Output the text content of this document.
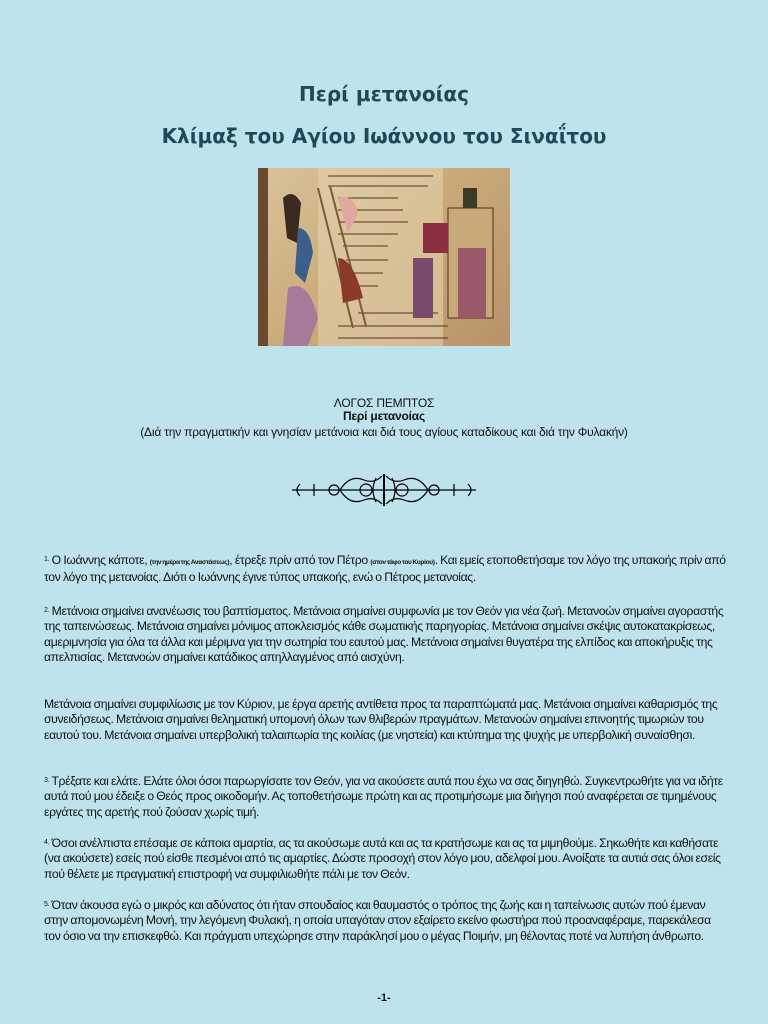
Περί μετανοίας
Κλίμαξ του Αγίου Ιωάννου του Σιναΐτου
ΛΟΓΟΣ ΠΕΜΠΤΟΣ
Περί μετανοίας
(Διά την πραγματικήν και γνησίαν μετάνοια και διά τους αγίους καταδίκους και διά την Φυλακήν)
$^{1.}$ Ο Ιωάννης κάποτε, (την ημέρα της Αναστάσεως), έτρεξε πρίν από τον Πέτρο (στον τάφο του Κυρίου). Και εμείς ετοποθετήσαμε τον λόγο της υπακοής πρίν από τον λόγο της μετανοίας. Διότι ο Ιωάννης έγινε τύπος υπακοής, ενώ ο Πέτρος μετανοίας.
$^{2.}$ Μετάνοια σημαίνει ανανέωσις του βαπτίσματος. Μετάνοια σημαίνει συμφωνία με τον Θεόν για νέα ζωή. Μετανοών σημαίνει αγοραστής της ταπεινώσεως. Μετάνοια σημαίνει μόνιμος αποκλεισμός κάθε σωματικής παρηγορίας. Μετάνοια σημαίνει σκέψις αυτοκατακρίσεως, αμεριμνησία για όλα τα άλλα και μέριμνα για την σωτηρία του εαυτού μας. Μετάνοια σημαίνει θυγατέρα της ελπίδος και αποκήρυξις της απελπισίας. Μετανοών σημαίνει κατάδικος απηλλαγμένος από αισχύνη.
Μετάνοια σημαίνει συμφιλίωσις με τον Κύριον, με έργα αρετής αντίθετα προς τα παραπτώματά μας. Μετάνοια σημαίνει καθαρισμός της συνειδήσεως. Μετάνοια σημαίνει θεληματική υπομονή όλων των θλιβερών πραγμάτων. Μετανοών σημαίνει επινοητής τιμωριών του εαυτού του. Μετάνοια σημαίνει υπερβολική ταλαιπωρία της κοιλίας (με νηστεία) και κτύπημα της ψυχής με υπερβολική συναίσθησι.
$^{3.}$ Τρέξατε και ελάτε. Ελάτε όλοι όσοι παρωργίσατε τον Θεόν, για να ακούσετε αυτά που έχω να σας διηγηθώ. Συγκεντρωθήτε για να ιδήτε αυτά πού μου έδειξε ο Θεός προς οικοδομήν. Ας τοποθετήσωμε πρώτη και ας προτιμήσωμε μια διήγησι πού αναφέρεται σε τιμημένους εργάτες της αρετής πού ζούσαν χωρίς τιμή.
$^{4.}$ Όσοι ανέλπιστα επέσαμε σε κάποια αμαρτία, ας τα ακούσωμε αυτά και ας τα κρατήσωμε και ας τα μιμηθούμε. Σηκωθήτε και καθήσατε (να ακούσετε) εσείς πού είσθε πεσμένοι από τις αμαρτίες. Δώστε προσοχή στον λόγο μου, αδελφοί μου. Ανοίξατε τα αυτιά σας όλοι εσείς πού θέλετε με πραγματική επιστροφή να συμφιλιωθήτε πάλι με τον Θεόν.
$^{5.}$ Όταν άκουσα εγώ ο μικρός και αδύνατος ότι ήταν σπουδαίος και θαυμαστός ο τρόπος της ζωής και η ταπείνωσις αυτών πού έμεναν στην απομονωμένη Μονή, την λεγόμενη Φυλακή, η οποία υπαγόταν στον εξαίρετο εκείνο φωστήρα πού προαναφέραμε, παρεκάλεσα τον όσιο να την επισκεφθώ. Και πράγματι υπεχώρησε στην παράκλησί μου ο μέγας Ποιμήν, μη θέλοντας ποτέ να λυπήση άνθρωπο.
-1-
